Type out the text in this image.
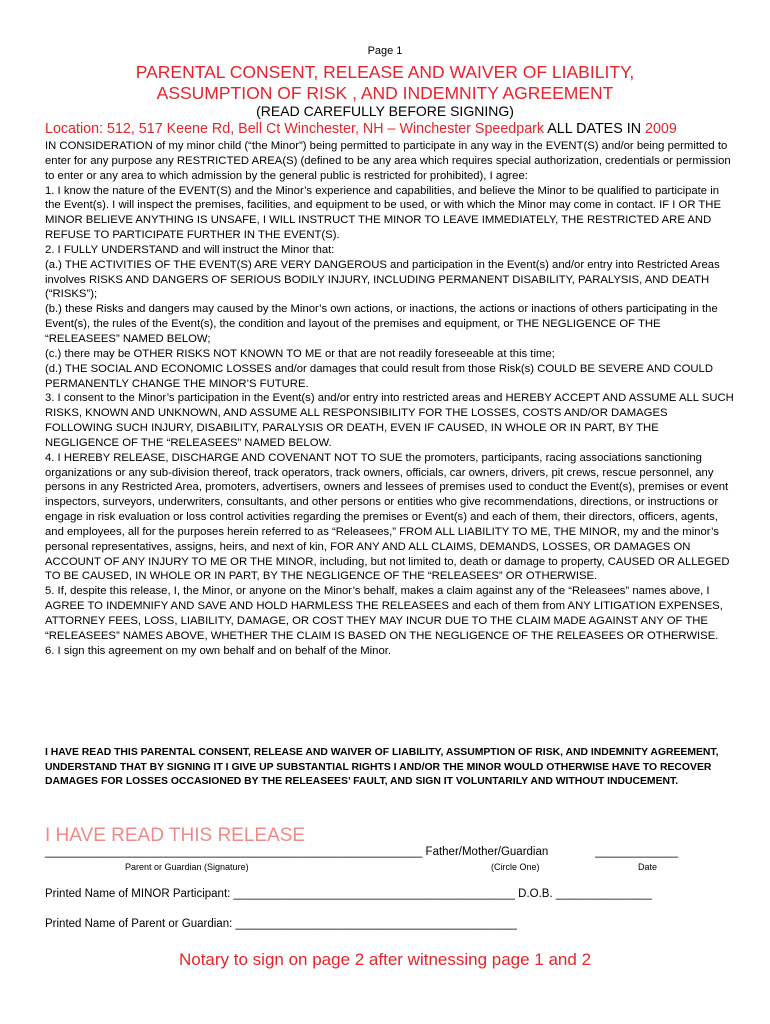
Page 1
PARENTAL CONSENT, RELEASE AND WAIVER OF LIABILITY,
ASSUMPTION OF RISK , AND INDEMNITY AGREEMENT
(READ CAREFULLY BEFORE SIGNING)
Location: 512, 517 Keene Rd, Bell Ct Winchester, NH – Winchester Speedpark ALL DATES IN 2009

IN CONSIDERATION of my minor child (“the Minor”) being permitted to participate in any way in the EVENT(S) and/or being permitted to enter for any purpose any RESTRICTED AREA(S) (defined to be any area which requires special authorization, credentials or permission to enter or any area to which admission by the general public is restricted for prohibited), I agree:

1. I know the nature of the EVENT(S) and the Minor’s experience and capabilities, and believe the Minor to be qualified to participate in the Event(s). I will inspect the premises, facilities, and equipment to be used, or with which the Minor may come in contact. IF I OR THE MINOR BELIEVE ANYTHING IS UNSAFE, I WILL INSTRUCT THE MINOR TO LEAVE IMMEDIATELY, THE RESTRICTED ARE AND REFUSE TO PARTICIPATE FURTHER IN THE EVENT(S).

2. I FULLY UNDERSTAND and will instruct the Minor that:

(a.) THE ACTIVITIES OF THE EVENT(S) ARE VERY DANGEROUS and participation in the Event(s) and/or entry into Restricted Areas involves RISKS AND DANGERS OF SERIOUS BODILY INJURY, INCLUDING PERMANENT DISABILITY, PARALYSIS, AND DEATH (“RISKS”);

(b.) these Risks and dangers may caused by the Minor’s own actions, or inactions, the actions or inactions of others participating in the Event(s), the rules of the Event(s), the condition and layout of the premises and equipment, or THE NEGLIGENCE OF THE “RELEASEES” NAMED BELOW;

(c.) there may be OTHER RISKS NOT KNOWN TO ME or that are not readily foreseeable at this time;

(d.) THE SOCIAL AND ECONOMIC LOSSES and/or damages that could result from those Risk(s) COULD BE SEVERE AND COULD PERMANENTLY CHANGE THE MINOR’S FUTURE.

3. I consent to the Minor’s participation in the Event(s) and/or entry into restricted areas and HEREBY ACCEPT AND ASSUME ALL SUCH RISKS, KNOWN AND UNKNOWN, AND ASSUME ALL RESPONSIBILITY FOR THE LOSSES, COSTS AND/OR DAMAGES FOLLOWING SUCH INJURY, DISABILITY, PARALYSIS OR DEATH, EVEN IF CAUSED, IN WHOLE OR IN PART, BY THE NEGLIGENCE OF THE “RELEASEES” NAMED BELOW.

4. I HEREBY RELEASE, DISCHARGE AND COVENANT NOT TO SUE the promoters, participants, racing associations sanctioning organizations or any sub-division thereof, track operators, track owners, officials, car owners, drivers, pit crews, rescue personnel, any persons in any Restricted Area, promoters, advertisers, owners and lessees of premises used to conduct the Event(s), premises or event inspectors, surveyors, underwriters, consultants, and other persons or entities who give recommendations, directions, or instructions or engage in risk evaluation or loss control activities regarding the premises or Event(s) and each of them, their directors, officers, agents, and employees, all for the purposes herein referred to as “Releasees,” FROM ALL LIABILITY TO ME, THE MINOR, my and the minor’s personal representatives, assigns, heirs, and next of kin, FOR ANY AND ALL CLAIMS, DEMANDS, LOSSES, OR DAMAGES ON ACCOUNT OF ANY INJURY TO ME OR THE MINOR, including, but not limited to, death or damage to property, CAUSED OR ALLEGED TO BE CAUSED, IN WHOLE OR IN PART, BY THE NEGLIGENCE OF THE “RELEASEES” OR OTHERWISE.

5. If, despite this release, I, the Minor, or anyone on the Minor’s behalf, makes a claim against any of the “Releasees” names above, I AGREE TO INDEMNIFY AND SAVE AND HOLD HARMLESS THE RELEASEES and each of them from ANY LITIGATION EXPENSES, ATTORNEY FEES, LOSS, LIABILITY, DAMAGE, OR COST THEY MAY INCUR DUE TO THE CLAIM MADE AGAINST ANY OF THE “RELEASEES” NAMES ABOVE, WHETHER THE CLAIM IS BASED ON THE NEGLIGENCE OF THE RELEASEES OR OTHERWISE.

6. I sign this agreement on my own behalf and on behalf of the Minor.

I HAVE READ THIS PARENTAL CONSENT, RELEASE AND WAIVER OF LIABILITY, ASSUMPTION OF RISK, AND INDEMNITY AGREEMENT, UNDERSTAND THAT BY SIGNING IT I GIVE UP SUBSTANTIAL RIGHTS I AND/OR THE MINOR WOULD OTHERWISE HAVE TO RECOVER DAMAGES FOR LOSSES OCCASIONED BY THE RELEASEES’ FAULT, AND SIGN IT VOLUNTARILY AND WITHOUT INDUCEMENT.
I HAVE READ THIS RELEASE
___________________________________________________________ Father/Mother/Guardian	_____________
Parent or Guardian (Signature)	(Circle One)	Date
Printed Name of MINOR Participant: ____________________________________________ D.O.B. _______________
Printed Name of Parent or Guardian: ____________________________________________
Notary to sign on page 2 after witnessing page 1 and 2
